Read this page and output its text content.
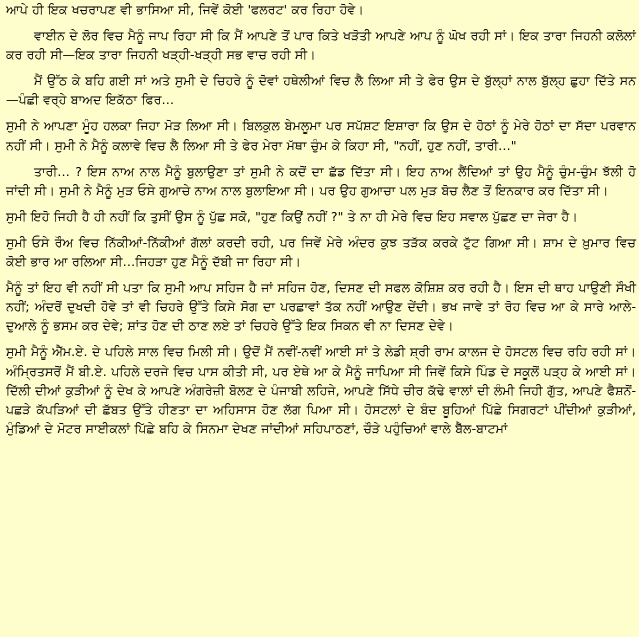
ਆਪੇ ਹੀ ਇਕ ਖਚਰਾਪਣ ਵੀ ਭਾਸਿਆ ਸੀ, ਜਿਵੇਂ ਕੋਈ 'ਫਲਰਟ' ਕਰ ਰਿਹਾ ਹੋਵੇ।

ਵਾਈਨ ਦੇ ਲੋਰ ਵਿਚ ਮੈਨੂੰ ਜਾਪ ਰਿਹਾ ਸੀ ਕਿ ਮੈਂ ਆਪਣੇ ਤੋਂ ਪਾਰ ਕਿਤੇ ਖੜੋਤੀ ਆਪਣੇ ਆਪ ਨੂੰ ਘੋਖ ਰਹੀ ਸਾਂ। ਇਕ ਤਾਰਾ ਜਿਹਨੀ ਕਲੋਲਾਂ ਕਰ ਰਹੀ ਸੀ—ਇਕ ਤਾਰਾ ਜਿਹਨੀ ਖੜ੍ਹੀ-ਖੜ੍ਹੀ ਸਭ ਵਾਚ ਰਹੀ ਸੀ।

ਮੈਂ ਉੱਠ ਕੇ ਬਹਿ ਗਈ ਸਾਂ ਅਤੇ ਸੁਮੀ ਦੇ ਚਿਹਰੇ ਨੂੰ ਦੋਵਾਂ ਹਥੇਲੀਆਂ ਵਿਚ ਲੈ ਲਿਆ ਸੀ ਤੇ ਫੇਰ ਉਸ ਦੇ ਬੁੱਲ੍ਹਾਂ ਨਾਲ ਬੁੱਲ੍ਹ ਛੁਹਾ ਦਿੱਤੇ ਸਨ—ਪੰਛੀ ਵਰ੍ਹੇ ਬਾਅਦ ਇਕੱਠਾ ਫਿਰ…

ਸੁਮੀ ਨੇ ਆਪਣਾ ਮੂੰਹ ਹਲਕਾ ਜਿਹਾ ਮੋੜ ਲਿਆ ਸੀ। ਬਿਲਕੁਲ ਬੇਮਲੂਮਾ ਪਰ ਸਪੱਸ਼ਟ ਇਸ਼ਾਰਾ ਕਿ ਉਸ ਦੇ ਹੋਠਾਂ ਨੂੰ ਮੇਰੇ ਹੋਠਾਂ ਦਾ ਸੱਦਾ ਪਰਵਾਨ ਨਹੀਂ ਸੀ। ਸੁਮੀ ਨੇ ਮੈਨੂੰ ਕਲਾਵੇ ਵਿਚ ਲੈ ਲਿਆ ਸੀ ਤੇ ਫੇਰ ਮੇਰਾ ਮੱਥਾ ਚੁੰਮ ਕੇ ਕਿਹਾ ਸੀ, "ਨਹੀਂ, ਹੁਣ ਨਹੀਂ, ਤਾਰੀ…"

ਤਾਰੀ… ? ਇਸ ਨਾਅ ਨਾਲ ਮੈਨੂੰ ਬੁਲਾਉਣਾ ਤਾਂ ਸੁਮੀ ਨੇ ਕਦੋਂ ਦਾ ਛੱਡ ਦਿੱਤਾ ਸੀ। ਇਹ ਨਾਅ ਲੈਂਦਿਆਂ ਤਾਂ ਉਹ ਮੈਨੂੰ ਚੁੰਮ-ਚੁੰਮ ਝੱਲੀ ਹੋ ਜਾਂਦੀ ਸੀ। ਸੁਮੀ ਨੇ ਮੈਨੂੰ ਮੁੜ ਓਸੇ ਗੁਆਚੇ ਨਾਅ ਨਾਲ ਬੁਲਾਇਆ ਸੀ। ਪਰ ਉਹ ਗੁਆਚਾ ਪਲ ਮੁੜ ਬੋਚ ਲੈਣ ਤੋਂ ਇਨਕਾਰ ਕਰ ਦਿੱਤਾ ਸੀ।

ਸੁਮੀ ਇਹੋ ਜਿਹੀ ਹੈ ਹੀ ਨਹੀਂ ਕਿ ਤੁਸੀਂ ਉਸ ਨੂੰ ਪੁੱਛ ਸਕੋ, "ਹੁਣ ਕਿਉਂ ਨਹੀਂ ?" ਤੇ ਨਾ ਹੀ ਮੇਰੇ ਵਿਚ ਇਹ ਸਵਾਲ ਪੁੱਛਣ ਦਾ ਜੇਰਾ ਹੈ।

ਸੁਮੀ ਓਸੇ ਰੌਅ ਵਿਚ ਨਿੱਕੀਆਂ-ਨਿੱਕੀਆਂ ਗੱਲਾਂ ਕਰਦੀ ਰਹੀ, ਪਰ ਜਿਵੇਂ ਮੇਰੇ ਅੰਦਰ ਕੁਝ ਤੜੱਕ ਕਰਕੇ ਟੁੱਟ ਗਿਆ ਸੀ। ਸ਼ਾਮ ਦੇ ਖ਼ੁਮਾਰ ਵਿਚ ਕੋਈ ਭਾਰ ਆ ਰਲਿਆ ਸੀ…ਜਿਹੜਾ ਹੁਣ ਮੈਨੂੰ ਦੱਬੀ ਜਾ ਰਿਹਾ ਸੀ।

ਮੈਨੂੰ ਤਾਂ ਇਹ ਵੀ ਨਹੀਂ ਸੀ ਪਤਾ ਕਿ ਸੁਮੀ ਆਪ ਸਹਿਜ ਹੈ ਜਾਂ ਸਹਿਜ ਹੋਣ, ਦਿਸਣ ਦੀ ਸਫਲ ਕੋਸ਼ਿਸ਼ ਕਰ ਰਹੀ ਹੈ। ਇਸ ਦੀ ਥਾਹ ਪਾਉਣੀ ਸੌਖੀ ਨਹੀਂ; ਅੰਦਰੋਂ ਦੁਖਦੀ ਹੋਵੇ ਤਾਂ ਵੀ ਚਿਹਰੇ ਉੱਤੇ ਕਿਸੇ ਸੋਗ ਦਾ ਪਰਛਾਵਾਂ ਤੱਕ ਨਹੀਂ ਆਉਣ ਦੇਂਦੀ। ਭਖ ਜਾਵੇ ਤਾਂ ਰੋਹ ਵਿਚ ਆ ਕੇ ਸਾਰੇ ਆਲੇ-ਦੁਆਲੇ ਨੂੰ ਭਸਮ ਕਰ ਦੇਵੇ; ਸ਼ਾਂਤ ਹੋਣ ਦੀ ਠਾਣ ਲਏ ਤਾਂ ਚਿਹਰੇ ਉੱਤੇ ਇਕ ਸਿਕਨ ਵੀ ਨਾ ਦਿਸਣ ਦੇਵੇ।

ਸੁਮੀ ਮੈਨੂੰ ਐੱਮ.ਏ. ਦੇ ਪਹਿਲੇ ਸਾਲ ਵਿਚ ਮਿਲੀ ਸੀ। ਉਦੋਂ ਮੈਂ ਨਵੀਂ-ਨਵੀਂ ਆਈ ਸਾਂ ਤੇ ਲੇਡੀ ਸ਼੍ਰੀ ਰਾਮ ਕਾਲਜ ਦੇ ਹੋਸਟਲ ਵਿਚ ਰਹਿ ਰਹੀ ਸਾਂ। ਅੰਮ੍ਰਿਤਸਰੋਂ ਮੈਂ ਬੀ.ਏ. ਪਹਿਲੇ ਦਰਜੇ ਵਿਚ ਪਾਸ ਕੀਤੀ ਸੀ, ਪਰ ਏਥੇ ਆ ਕੇ ਮੈਨੂੰ ਜਾਪਿਆ ਸੀ ਜਿਵੇਂ ਕਿਸੇ ਪਿੰਡ ਦੇ ਸਕੂਲੋਂ ਪੜ੍ਹ ਕੇ ਆਈ ਸਾਂ। ਦਿੱਲੀ ਦੀਆਂ ਕੁੜੀਆਂ ਨੂੰ ਦੇਖ ਕੇ ਆਪਣੇ ਅੰਗਰੇਜ਼ੀ ਬੋਲਣ ਦੇ ਪੰਜਾਬੀ ਲਹਿਜੇ, ਆਪਣੇ ਸਿੱਧੇ ਚੀਰ ਕੱਢੇ ਵਾਲਾਂ ਦੀ ਲੰਮੀ ਜਿਹੀ ਗੁੱਤ, ਆਪਣੇ ਫੈਸ਼ਨੋਂ-ਪਛੜੇ ਕੱਪੜਿਆਂ ਦੀ ਛੱਬਤ ਉੱਤੇ ਹੀਣਤਾ ਦਾ ਅਹਿਸਾਸ ਹੋਣ ਲੱਗ ਪਿਆ ਸੀ। ਹੋਸਟਲਾਂ ਦੇ ਬੰਦ ਬੂਹਿਆਂ ਪਿੱਛੇ ਸਿਗਰਟਾਂ ਪੀਂਦੀਆਂ ਕੁੜੀਆਂ, ਮੁੰਡਿਆਂ ਦੇ ਮੋਟਰ ਸਾਈਕਲਾਂ ਪਿੱਛੇ ਬਹਿ ਕੇ ਸਿਨਮਾ ਦੇਖਣ ਜਾਂਦੀਆਂ ਸਹਿਪਾਠਣਾਂ, ਚੌੜੇ ਪਹੁੰਚਿਆਂ ਵਾਲੇ ਬੈੱਲ-ਬਾਟਮਾਂ
